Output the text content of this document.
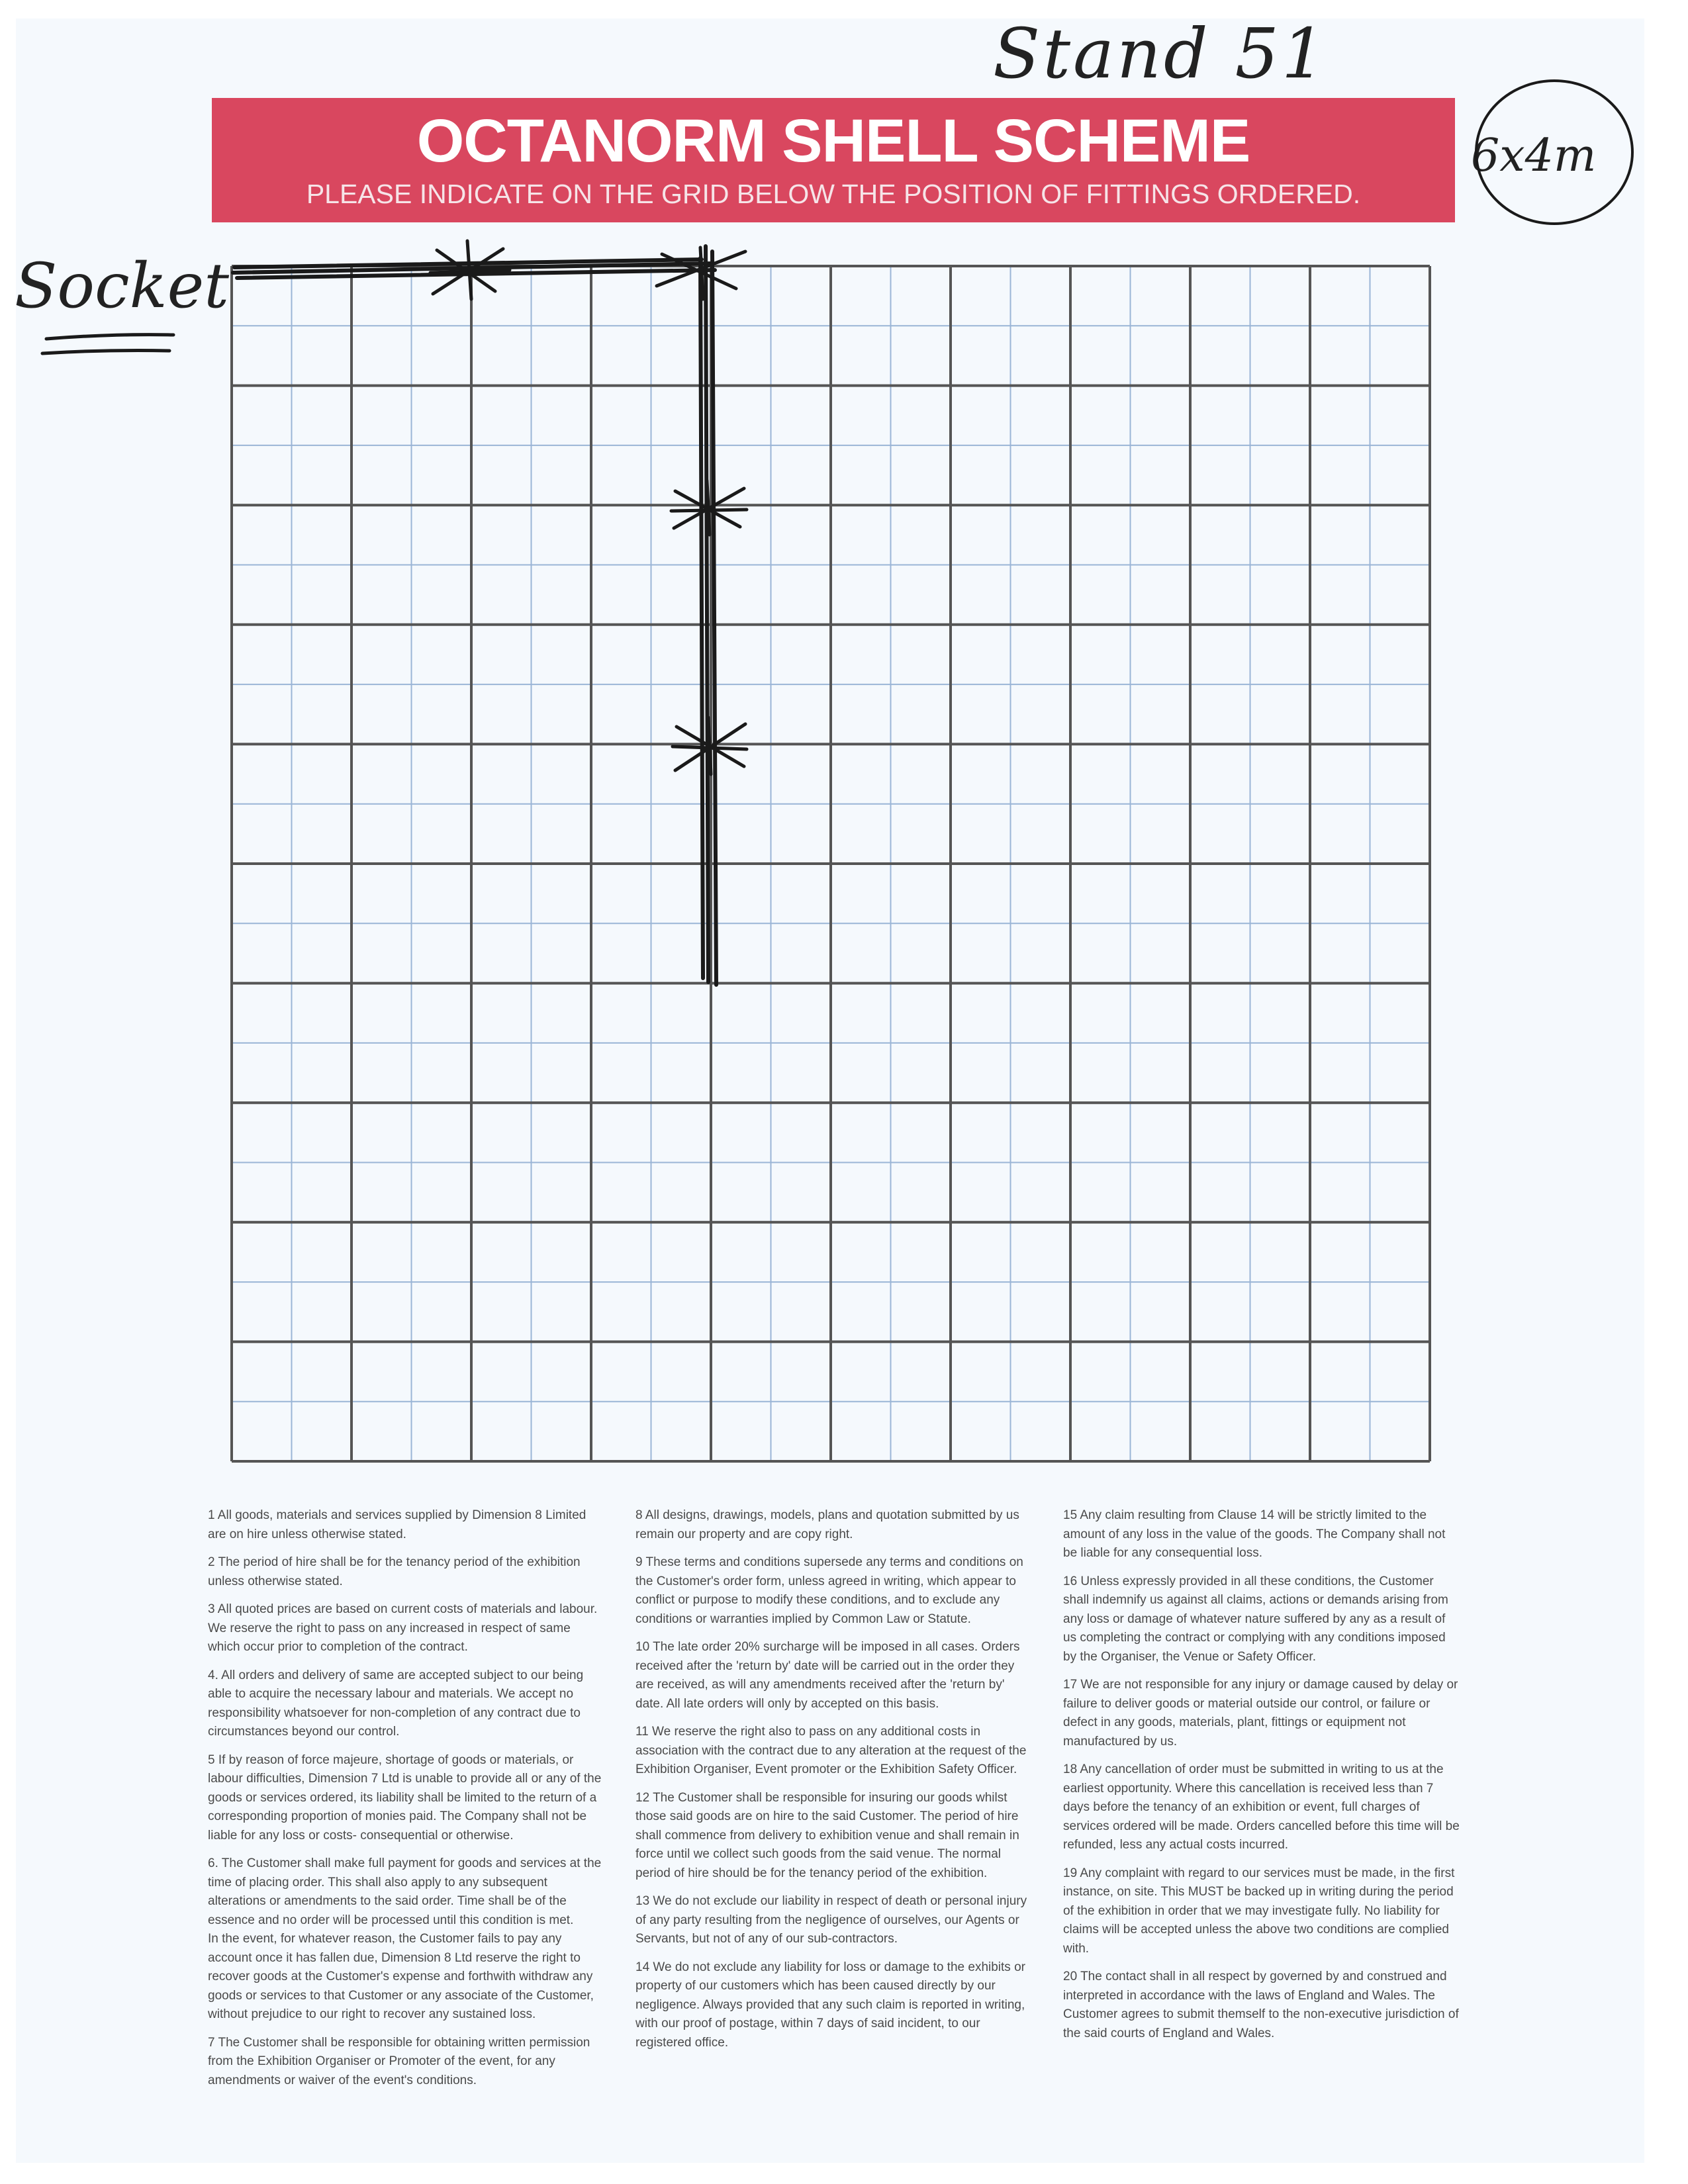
OCTANORM SHELL SCHEME
PLEASE INDICATE ON THE GRID BELOW THE POSITION OF FITTINGS ORDERED.
Stand 51
6x4m
Socket

1 All goods, materials and services supplied by Dimension 8 Limited are on hire unless otherwise stated.

2 The period of hire shall be for the tenancy period of the exhibition unless otherwise stated.

3 All quoted prices are based on current costs of materials and labour. We reserve the right to pass on any increased in respect of same which occur prior to completion of the contract.

4. All orders and delivery of same are accepted subject to our being able to acquire the necessary labour and materials. We accept no responsibility whatsoever for non-completion of any contract due to circumstances beyond our control.

5 If by reason of force majeure, shortage of goods or materials, or labour difficulties, Dimension 7 Ltd is unable to provide all or any of the goods or services ordered, its liability shall be limited to the return of a corresponding proportion of monies paid. The Company shall not be liable for any loss or costs- consequential or otherwise.

6. The Customer shall make full payment for goods and services at the time of placing order. This shall also apply to any subsequent alterations or amendments to the said order. Time shall be of the essence and no order will be processed until this condition is met.
In the event, for whatever reason, the Customer fails to pay any account once it has fallen due, Dimension 8 Ltd reserve the right to recover goods at the Customer's expense and forthwith withdraw any goods or services to that Customer or any associate of the Customer, without prejudice to our right to recover any sustained loss.

7 The Customer shall be responsible for obtaining written permission from the Exhibition Organiser or Promoter of the event, for any amendments or waiver of the event's conditions.

8 All designs, drawings, models, plans and quotation submitted by us remain our property and are copy right.

9 These terms and conditions supersede any terms and conditions on the Customer's order form, unless agreed in writing, which appear to conflict or purpose to modify these conditions, and to exclude any conditions or warranties implied by Common Law or Statute.

10 The late order 20% surcharge will be imposed in all cases. Orders received after the 'return by' date will be carried out in the order they are received, as will any amendments received after the 'return by' date. All late orders will only by accepted on this basis.

11 We reserve the right also to pass on any additional costs in association with the contract due to any alteration at the request of the Exhibition Organiser, Event promoter or the Exhibition Safety Officer.

12 The Customer shall be responsible for insuring our goods whilst those said goods are on hire to the said Customer. The period of hire shall commence from delivery to exhibition venue and shall remain in force until we collect such goods from the said venue. The normal period of hire should be for the tenancy period of the exhibition.

13 We do not exclude our liability in respect of death or personal injury of any party resulting from the negligence of ourselves, our Agents or Servants, but not of any of our sub-contractors.

14 We do not exclude any liability for loss or damage to the exhibits or property of our customers which has been caused directly by our negligence. Always provided that any such claim is reported in writing, with our proof of postage, within 7 days of said incident, to our registered office.

15 Any claim resulting from Clause 14 will be strictly limited to the amount of any loss in the value of the goods. The Company shall not be liable for any consequential loss.

16 Unless expressly provided in all these conditions, the Customer shall indemnify us against all claims, actions or demands arising from any loss or damage of whatever nature suffered by any as a result of us completing the contract or complying with any conditions imposed by the Organiser, the Venue or Safety Officer.

17 We are not responsible for any injury or damage caused by delay or failure to deliver goods or material outside our control, or failure or defect in any goods, materials, plant, fittings or equipment not manufactured by us.

18 Any cancellation of order must be submitted in writing to us at the earliest opportunity. Where this cancellation is received less than 7 days before the tenancy of an exhibition or event, full charges of services ordered will be made. Orders cancelled before this time will be refunded, less any actual costs incurred.

19 Any complaint with regard to our services must be made, in the first instance, on site. This MUST be backed up in writing during the period of the exhibition in order that we may investigate fully. No liability for claims will be accepted unless the above two conditions are complied with.

20 The contact shall in all respect by governed by and construed and interpreted in accordance with the laws of England and Wales. The Customer agrees to submit themself to the non-executive jurisdiction of the said courts of England and Wales.
